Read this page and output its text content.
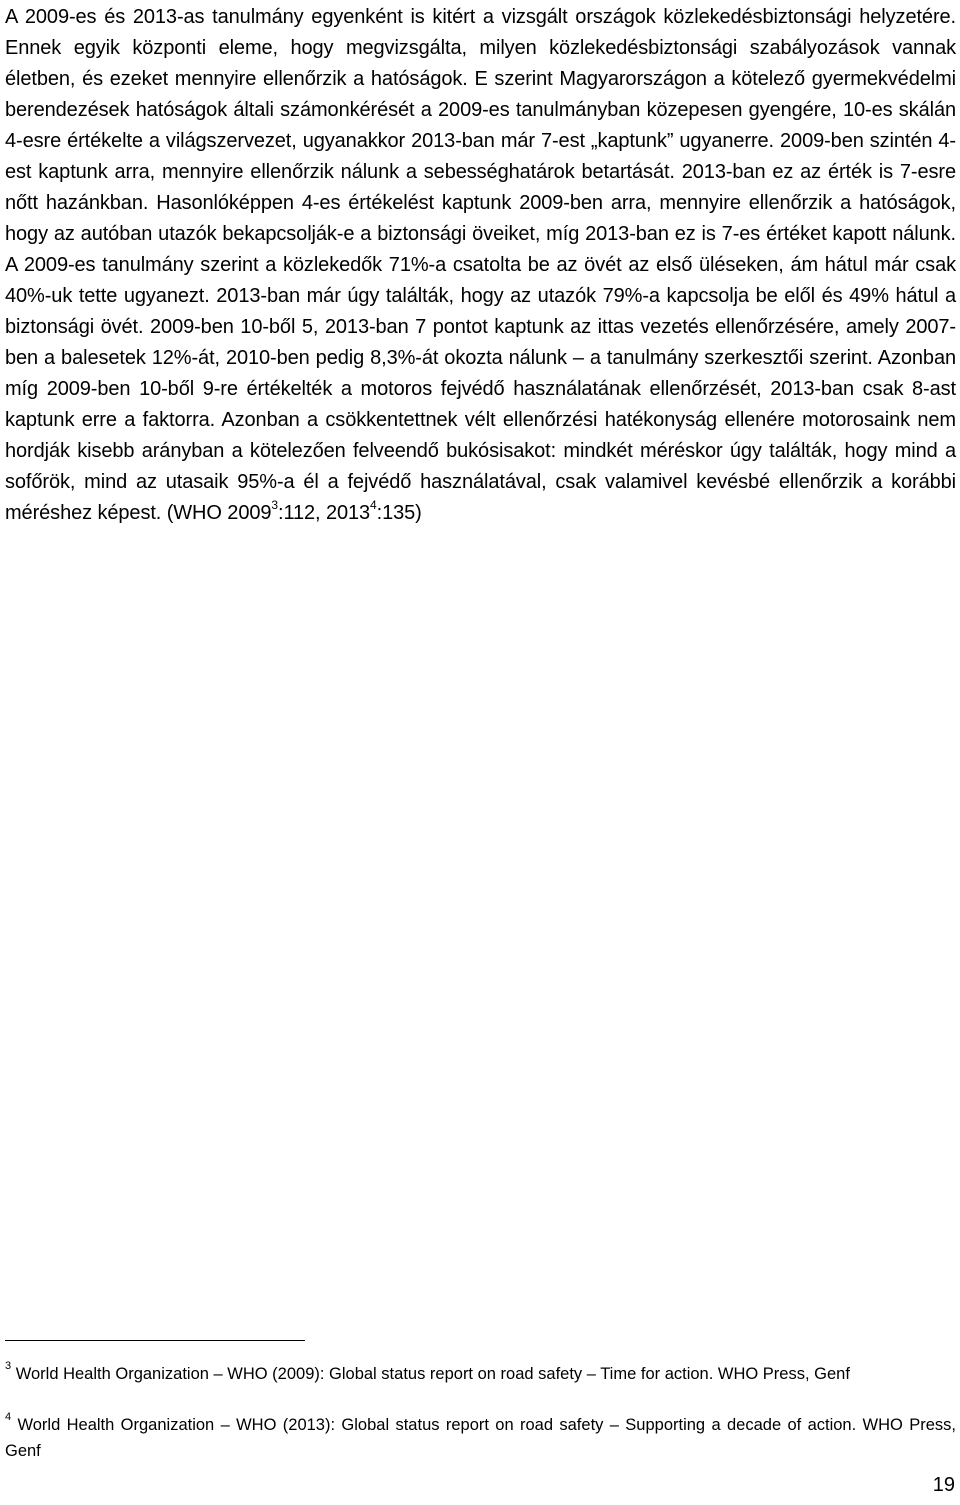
A 2009-es és 2013-as tanulmány egyenként is kitért a vizsgált országok közlekedésbiztonsági helyzetére. Ennek egyik központi eleme, hogy megvizsgálta, milyen közlekedésbiztonsági szabályozások vannak életben, és ezeket mennyire ellenőrzik a hatóságok. E szerint Magyarországon a kötelező gyermekvédelmi berendezések hatóságok általi számonkérését a 2009-es tanulmányban közepesen gyengére, 10-es skálán 4-esre értékelte a világszervezet, ugyanakkor 2013-ban már 7-est „kaptunk” ugyanerre. 2009-ben szintén 4-est kaptunk arra, mennyire ellenőrzik nálunk a sebességhatárok betartását. 2013-ban ez az érték is 7-esre nőtt hazánkban. Hasonlóképpen 4-es értékelést kaptunk 2009-ben arra, mennyire ellenőrzik a hatóságok, hogy az autóban utazók bekapcsolják-e a biztonsági öveiket, míg 2013-ban ez is 7-es értéket kapott nálunk. A 2009-es tanulmány szerint a közlekedők 71%-a csatolta be az övét az első üléseken, ám hátul már csak 40%-uk tette ugyanezt. 2013-ban már úgy találták, hogy az utazók 79%-a kapcsolja be elől és 49% hátul a biztonsági övét. 2009-ben 10-ből 5, 2013-ban 7 pontot kaptunk az ittas vezetés ellenőrzésére, amely 2007-ben a balesetek 12%-át, 2010-ben pedig 8,3%-át okozta nálunk – a tanulmány szerkesztői szerint. Azonban míg 2009-ben 10-ből 9-re értékelték a motoros fejvédő használatának ellenőrzését, 2013-ban csak 8-ast kaptunk erre a faktorra. Azonban a csökkentettnek vélt ellenőrzési hatékonyság ellenére motorosaink nem hordják kisebb arányban a kötelezően felveendő bukósisakot: mindkét méréskor úgy találták, hogy mind a sofőrök, mind az utasaik 95%-a él a fejvédő használatával, csak valamivel kevésbé ellenőrzik a korábbi méréshez képest. (WHO 2009$^3$:112, 2013$^4$:135)

$^3$ World Health Organization – WHO (2009): Global status report on road safety – Time for action. WHO Press, Genf

$^4$ World Health Organization – WHO (2013): Global status report on road safety – Supporting a decade of action. WHO Press, Genf

19
